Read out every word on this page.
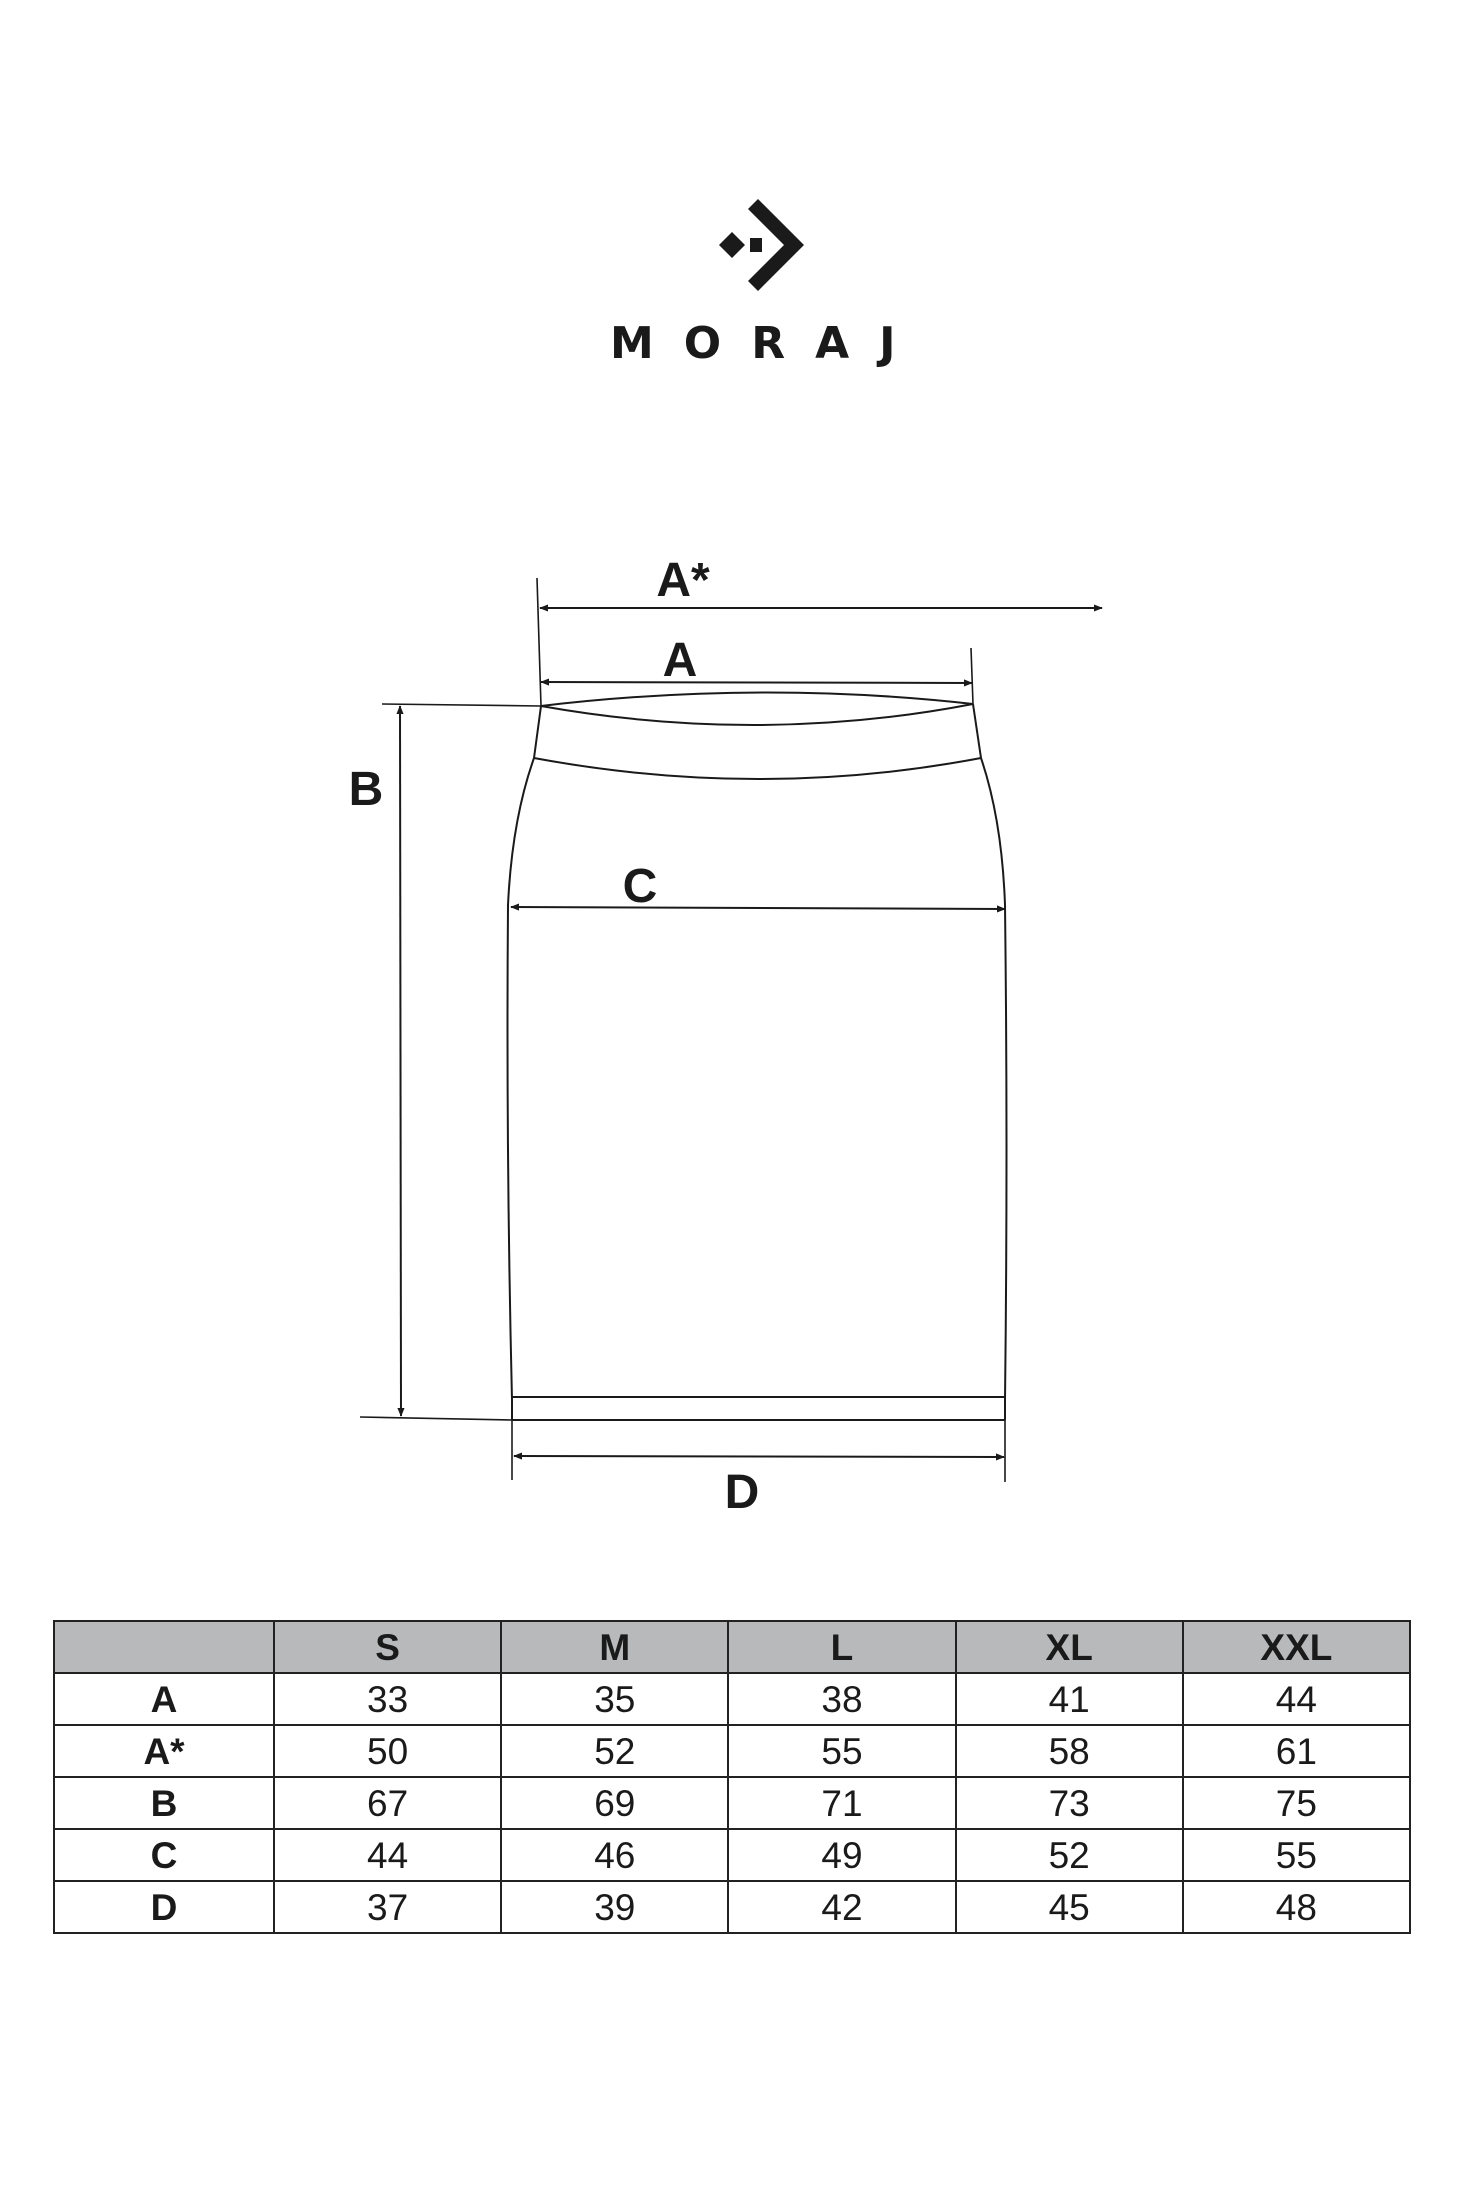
MORAJ
A*
A
B
C
D
	S	M	L	XL	XXL
A	33	35	38	41	44
A*	50	52	55	58	61
B	67	69	71	73	75
C	44	46	49	52	55
D	37	39	42	45	48
